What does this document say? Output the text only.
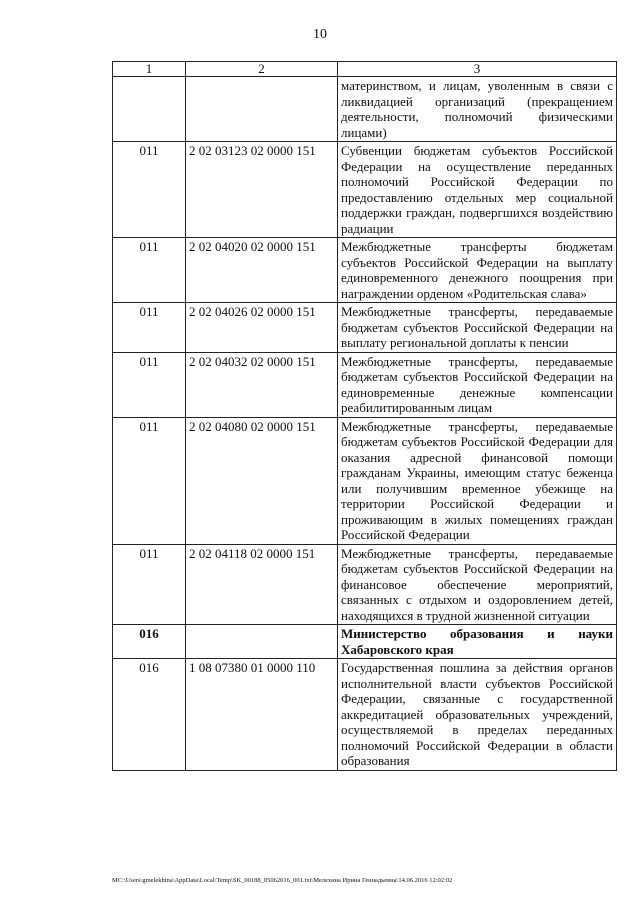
10
1	2	3
		материнством, и лицам, уволенным в связи с ликвидацией организаций (прекращением деятельности, полномочий физическими лицами)
011	2 02 03123 02 0000 151	Субвенции бюджетам субъектов Российской Федерации на осуществление переданных полномочий Российской Федерации по предоставлению отдельных мер социальной поддержки граждан, подвергшихся воздействию радиации
011	2 02 04020 02 0000 151	Межбюджетные трансферты бюджетам субъектов Российской Федерации на выплату единовременного денежного поощрения при награждении орденом «Родительская слава»
011	2 02 04026 02 0000 151	Межбюджетные трансферты, передаваемые бюджетам субъектов Российской Федерации на выплату региональной доплаты к пенсии
011	2 02 04032 02 0000 151	Межбюджетные трансферты, передаваемые бюджетам субъектов Российской Федерации на единовременные денежные компенсации реабилитированным лицам
011	2 02 04080 02 0000 151	Межбюджетные трансферты, передаваемые бюджетам субъектов Российской Федерации для оказания адресной финансовой помощи гражданам Украины, имеющим статус беженца или получившим временное убежище на территории Российской Федерации и проживающим в жилых помещениях граждан Российской Федерации
011	2 02 04118 02 0000 151	Межбюджетные трансферты, передаваемые бюджетам субъектов Российской Федерации на финансовое обеспечение мероприятий, связанных с отдыхом и оздоровлением детей, находящихся в трудной жизненной ситуации
016		Министерство образования и науки Хабаровского края
016	1 08 07380 01 0000 110	Государственная пошлина за действия органов исполнительной власти субъектов Российской Федерации, связанные с государственной аккредитацией образовательных учреждений, осуществляемой в пределах переданных полномочий Российской Федерации в области образования
MC:\Users\gmelekhina\AppData\Local\Temp\SK_00188_05062016_001.txt\Мелехина Ирина Геннадьевна\14.06.2016 12:02:02
